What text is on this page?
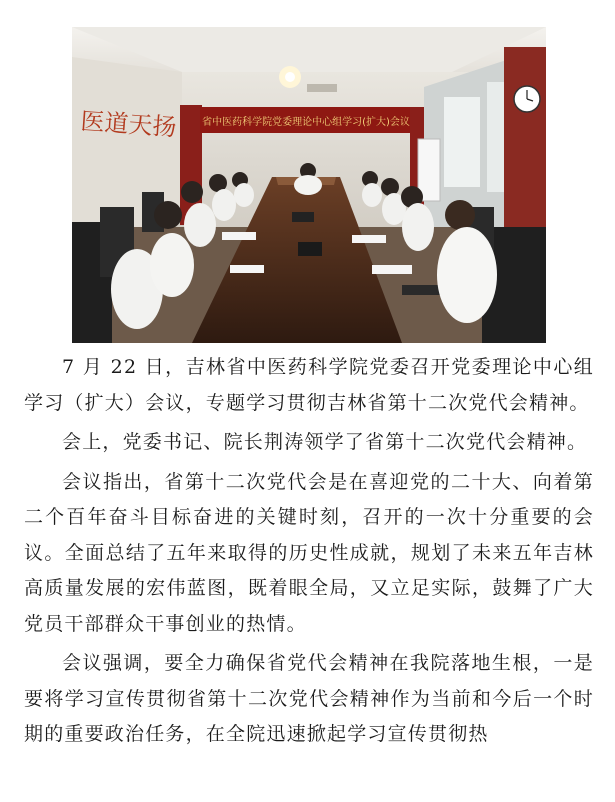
医道天扬 省中医药科学院党委理论中心组学习(扩大)会议

7 月 22 日，吉林省中医药科学院党委召开党委理论中心组学习（扩大）会议，专题学习贯彻吉林省第十二次党代会精神。

会上，党委书记、院长荆涛领学了省第十二次党代会精神。

会议指出，省第十二次党代会是在喜迎党的二十大、向着第二个百年奋斗目标奋进的关键时刻，召开的一次十分重要的会议。全面总结了五年来取得的历史性成就，规划了未来五年吉林高质量发展的宏伟蓝图，既着眼全局，又立足实际，鼓舞了广大党员干部群众干事创业的热情。

会议强调，要全力确保省党代会精神在我院落地生根，一是要将学习宣传贯彻省第十二次党代会精神作为当前和今后一个时期的重要政治任务，在全院迅速掀起学习宣传贯彻热
